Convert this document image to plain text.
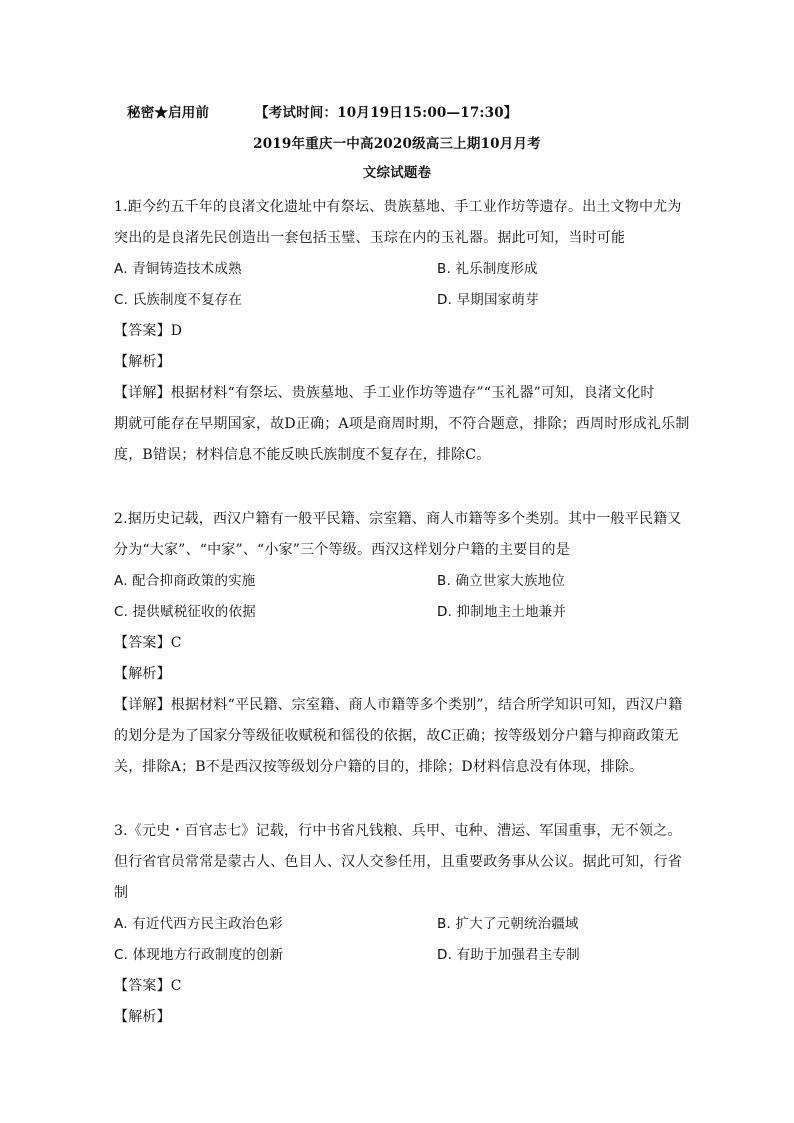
秘密★启用前	【考试时间：10月19日15:00—17:30】
2019年重庆一中高2020级高三上期10月月考
文综试题卷
1.距今约五千年的良渚文化遗址中有祭坛、贵族墓地、手工业作坊等遗存。出土文物中尤为
突出的是良渚先民创造出一套包括玉璧、玉琮在内的玉礼器。据此可知，当时可能
A. 青铜铸造技术成熟	B. 礼乐制度形成
C. 氏族制度不复存在	D. 早期国家萌芽
【答案】D
【解析】
【详解】根据材料“有祭坛、贵族墓地、手工业作坊等遗存”“玉礼器”可知，良渚文化时
期就可能存在早期国家，故D正确；A项是商周时期，不符合题意，排除；西周时形成礼乐制
度，B错误；材料信息不能反映氏族制度不复存在，排除C。
2.据历史记载，西汉户籍有一般平民籍、宗室籍、商人市籍等多个类别。其中一般平民籍又
分为“大家”、“中家”、“小家”三个等级。西汉这样划分户籍的主要目的是
A. 配合抑商政策的实施	B. 确立世家大族地位
C. 提供赋税征收的依据	D. 抑制地主土地兼并
【答案】C
【解析】
【详解】根据材料“平民籍、宗室籍、商人市籍等多个类别”，结合所学知识可知，西汉户籍
的划分是为了国家分等级征收赋税和徭役的依据，故C正确；按等级划分户籍与抑商政策无
关，排除A；B不是西汉按等级划分户籍的目的，排除；D材料信息没有体现，排除。
3.《元史・百官志七》记载，行中书省凡钱粮、兵甲、屯种、漕运、军国重事，无不领之。
但行省官员常常是蒙古人、色目人、汉人交参任用，且重要政务事从公议。据此可知，行省
制
A. 有近代西方民主政治色彩	B. 扩大了元朝统治疆域
C. 体现地方行政制度的创新	D. 有助于加强君主专制
【答案】C
【解析】
